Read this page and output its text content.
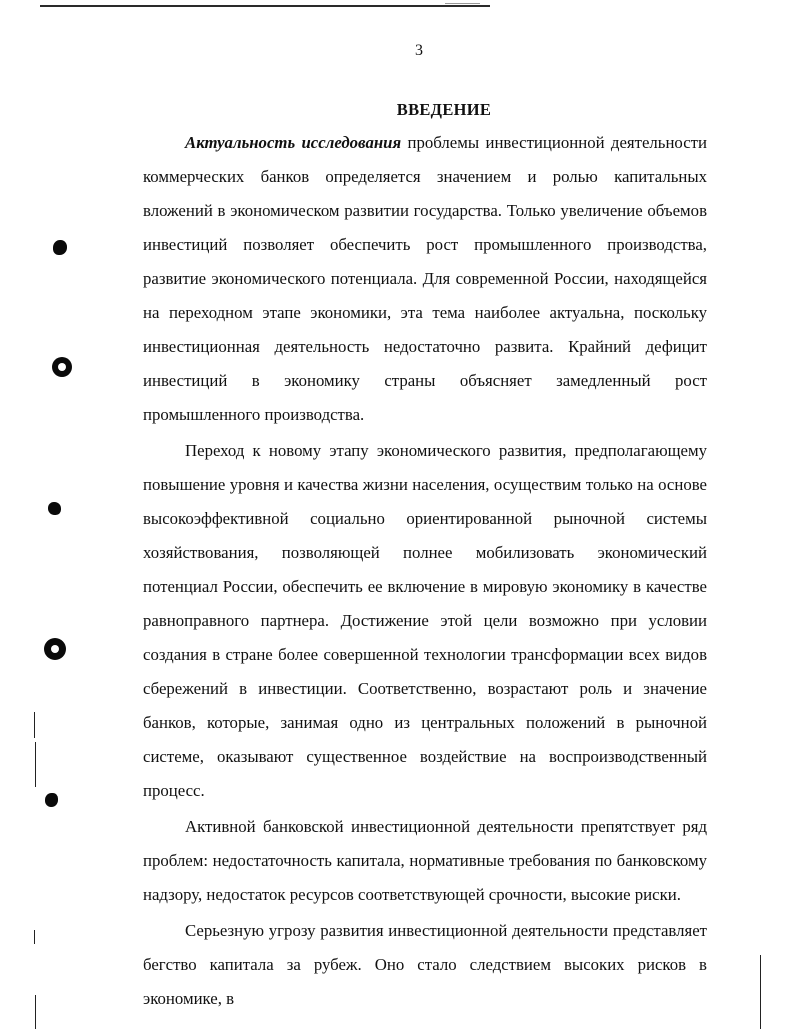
3
ВВЕДЕНИЕ

Актуальность исследования проблемы инвестиционной деятельности коммерческих банков определяется значением и ролью капитальных вложений в экономическом развитии государства. Только увеличение объемов инвестиций позволяет обеспечить рост промышленного производства, развитие экономического потенциала. Для современной России, находящейся на переходном этапе экономики, эта тема наиболее актуальна, поскольку инвестиционная деятельность недостаточно развита. Крайний дефицит инвестиций в экономику страны объясняет замедленный рост промышленного производства.

Переход к новому этапу экономического развития, предполагающему повышение уровня и качества жизни населения, осуществим только на основе высокоэффективной социально ориентированной рыночной системы хозяйствования, позволяющей полнее мобилизовать экономический потенциал России, обеспечить ее включение в мировую экономику в качестве равноправного партнера. Достижение этой цели возможно при условии создания в стране более совершенной технологии трансформации всех видов сбережений в инвестиции. Соответственно, возрастают роль и значение банков, которые, занимая одно из центральных положений в рыночной системе, оказывают существенное воздействие на воспроизводственный процесс.

Активной банковской инвестиционной деятельности препятствует ряд проблем: недостаточность капитала, нормативные требования по банковскому надзору, недостаток ресурсов соответствующей срочности, высокие риски.

Серьезную угрозу развития инвестиционной деятельности представляет бегство капитала за рубеж. Оно стало следствием высоких рисков в экономике, в
